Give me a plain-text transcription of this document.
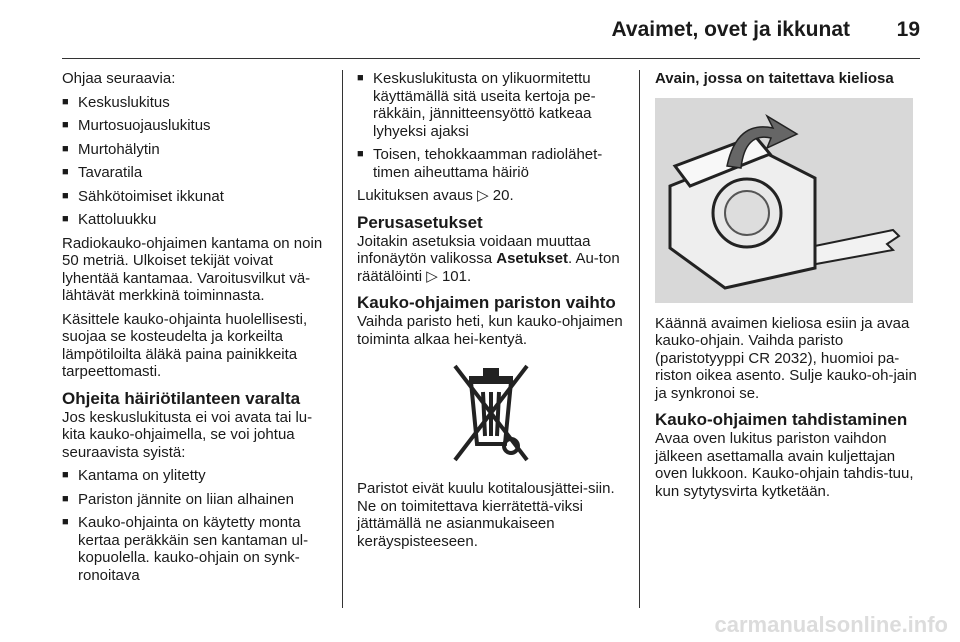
Avaimet, ovet ja ikkunat 19

Ohjaa seuraavia:

■ Keskuslukitus
■ Murtosuojauslukitus
■ Murtohälytin
■ Tavaratila
■ Sähkötoimiset ikkunat
■ Kattoluukku

Radiokauko-ohjaimen kantama on noin 50 metriä. Ulkoiset tekijät voivat lyhentää kantamaa. Varoitusvilkut vä-lähtävät merkkinä toiminnasta.

Käsittele kauko-ohjainta huolellisesti, suojaa se kosteudelta ja korkeilta lämpötiloilta äläkä paina painikkeita tarpeettomasti.

Ohjeita häiriötilanteen varalta

Jos keskuslukitusta ei voi avata tai lu-kita kauko-ohjaimella, se voi johtua seuraavista syistä:

■ Kantama on ylitetty
■ Pariston jännite on liian alhainen
■ Kauko-ohjainta on käytetty monta kertaa peräkkäin sen kantaman ul-kopuolella. kauko-ohjain on synk-ronoitava
■ Keskuslukitusta on ylikuormitettu käyttämällä sitä useita kertoja pe-räkkäin, jännitteensyöttö katkeaa lyhyeksi ajaksi
■ Toisen, tehokkaamman radiolähet-timen aiheuttama häiriö

Lukituksen avaus ▷ 20.

Perusasetukset

Joitakin asetuksia voidaan muuttaa infonäytön valikossa Asetukset. Au-ton räätälöinti ▷ 101.

Kauko-ohjaimen pariston vaihto

Vaihda paristo heti, kun kauko-ohjaimen toiminta alkaa hei-kentyä.

Paristot eivät kuulu kotitalousjättei-siin. Ne on toimitettava kierrätettä-viksi jättämällä ne asianmukaiseen keräyspisteeseen.

Avain, jossa on taitettava kieliosa

Käännä avaimen kieliosa esiin ja avaa kauko-ohjain. Vaihda paristo (paristotyyppi CR 2032), huomioi pa-riston oikea asento. Sulje kauko-oh-jain ja synkronoi se.

Kauko-ohjaimen tahdistaminen

Avaa oven lukitus pariston vaihdon jälkeen asettamalla avain kuljettajan oven lukkoon. Kauko-ohjain tahdis-tuu, kun sytytysvirta kytketään.

carmanualsonline.info
